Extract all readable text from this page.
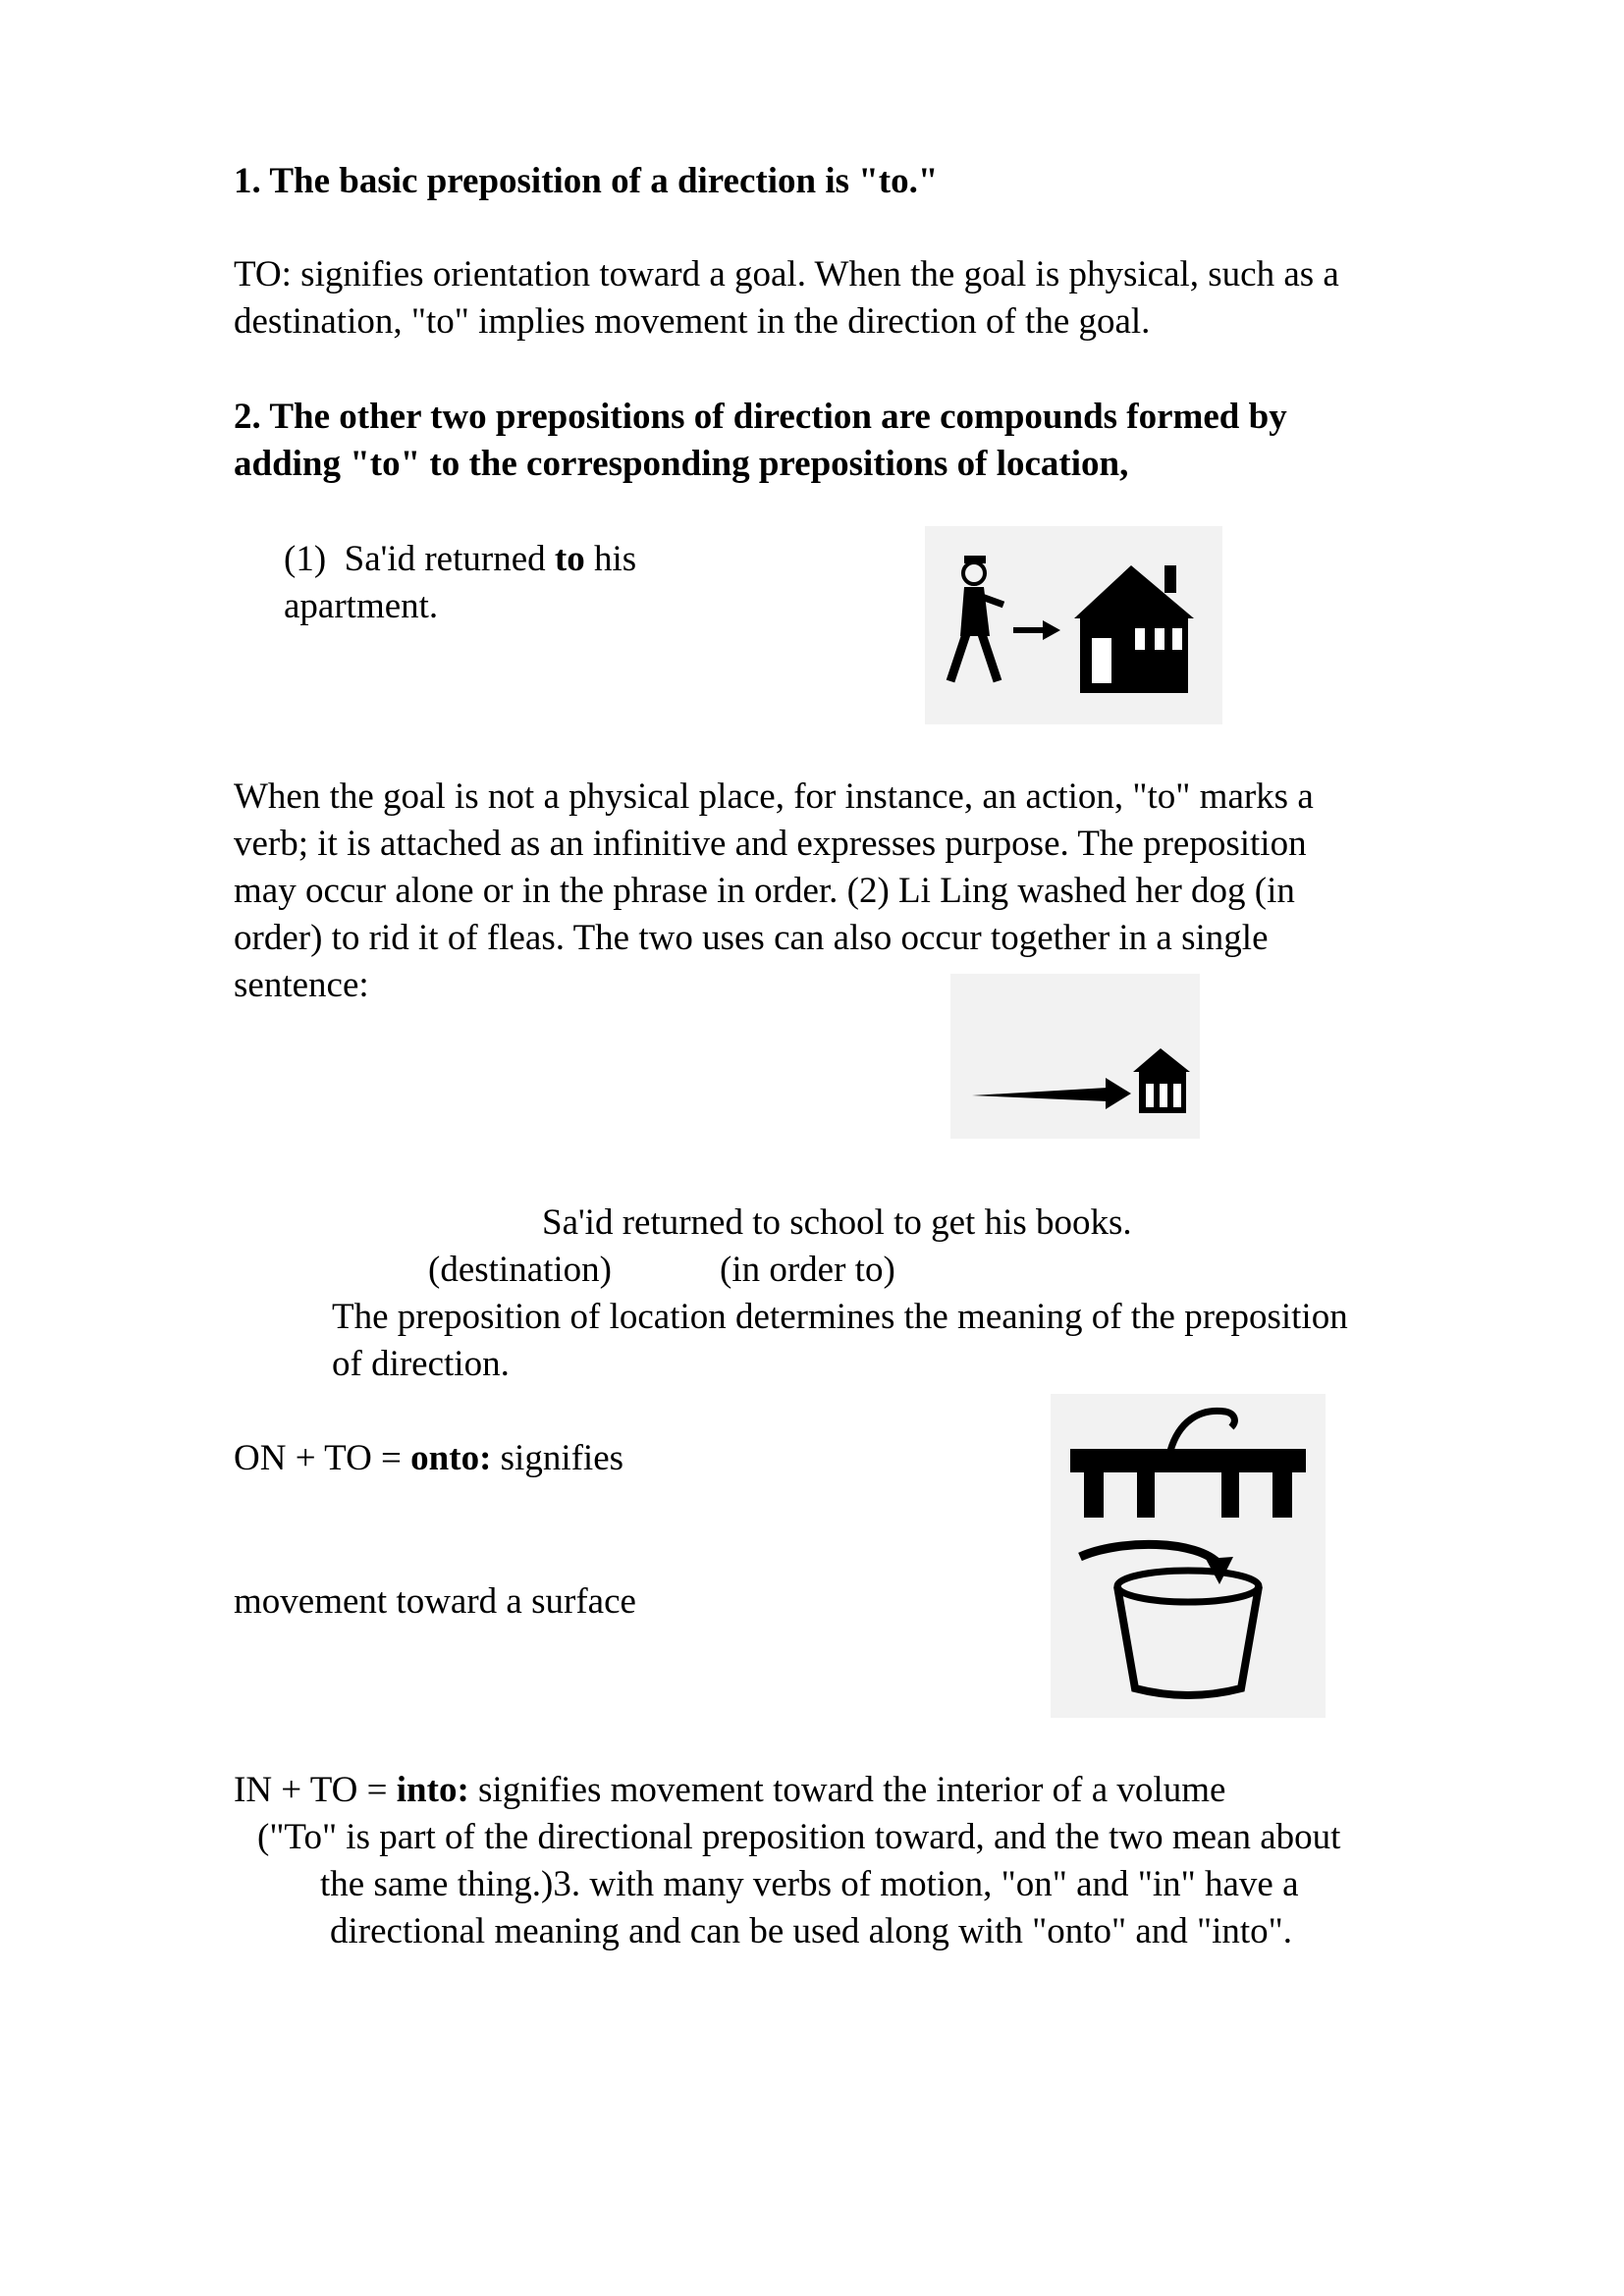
1. The basic preposition of a direction is "to."

TO: signifies orientation toward a goal. When the goal is physical, such as a
destination, "to" implies movement in the direction of the goal.
2. The other two prepositions of direction are compounds formed by
adding "to" to the corresponding prepositions of location,
(1) Sa'id returned to his
apartment.
When the goal is not a physical place, for instance, an action, "to" marks a
verb; it is attached as an infinitive and expresses purpose. The preposition
may occur alone or in the phrase in order. (2) Li Ling washed her dog (in
order) to rid it of fleas. The two uses can also occur together in a single
sentence:

Sa'id returned to school to get his books.

(destination)	(in order to)

The preposition of location determines the meaning of the preposition
of direction.

ON + TO = onto: signifies

movement toward a surface

IN + TO = into: signifies movement toward the interior of a volume

("To" is part of the directional preposition toward, and the two mean about

the same thing.)3. with many verbs of motion, "on" and "in" have a

directional meaning and can be used along with "onto" and "into".
